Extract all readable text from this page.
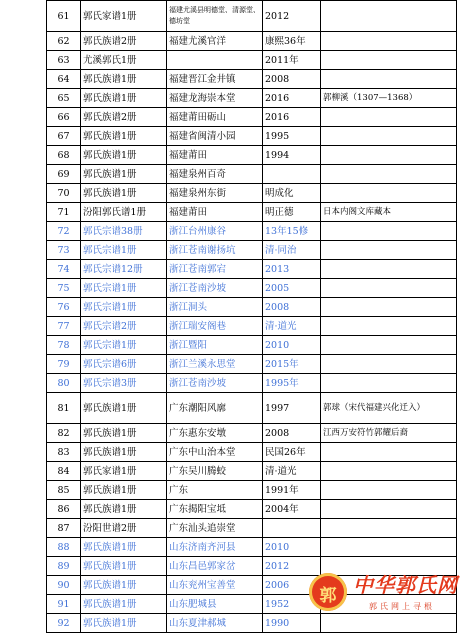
61	郭氏家谱1册	福建尤溪县明德堂、清源堂、德坊堂	2012	
62	郭氏族谱2册	福建尤溪官洋	康熙36年	
63	尤溪郭氏1册		2011年	
64	郭氏族谱1册	福建晋江金井镇	2008	
65	郭氏族谱1册	福建龙海崇本堂	2016	郭柳溪（1307—1368）
66	郭氏族谱2册	福建莆田砺山	2016	
67	郭氏族谱1册	福建省闽清小园	1995	
68	郭氏族谱1册	福建莆田	1994	
69	郭氏族谱1册	福建泉州百奇		
70	郭氏族谱1册	福建泉州东街	明成化	
71	汾阳郭氏谱1册	福建莆田	明正德	日本内阁文库藏本
72	郭氏宗谱38册	浙江台州康谷	13年15修	
73	郭氏宗谱1册	浙江苍南谢扬坑	清·同治	
74	郭氏宗谱12册	浙江苍南郭宕	2013	
75	郭氏宗谱1册	浙江苍南沙坡	2005	
76	郭氏宗谱1册	浙江洞头	2008	
77	郭氏宗谱2册	浙江瑞安阁巷	清·道光	
78	郭氏宗谱1册	浙江暨阳	2010	
79	郭氏宗谱6册	浙江兰溪永思堂	2015年	
80	郭氏宗谱3册	浙江苍南沙坡	1995年	
81	郭氏族谱1册	广东潮阳风廓	1997	郭球（宋代福建兴化迁入）
82	郭氏族谱1册	广东惠东安墩	2008	江西万安符竹郭耀后裔
83	郭氏族谱1册	广东中山治本堂	民国26年	
84	郭氏家谱1册	广东吴川腾蛟	清·道光	
85	郭氏族谱1册	广东	1991年	
86	郭氏族谱1册	广东揭阳宝坻	2004年	
87	汾阳世谱2册	广东汕头追崇堂		
88	郭氏族谱1册	山东济南齐河县	2010	
89	郭氏族谱1册	山东昌邑郭家岔	2012	
90	郭氏族谱1册	山东兖州宝善堂	2006	
91	郭氏族谱1册	山东肥城县	1952	
92	郭氏族谱1册	山东夏津郝城	1990	
郭 中华郭氏网
郭氏网上寻根
